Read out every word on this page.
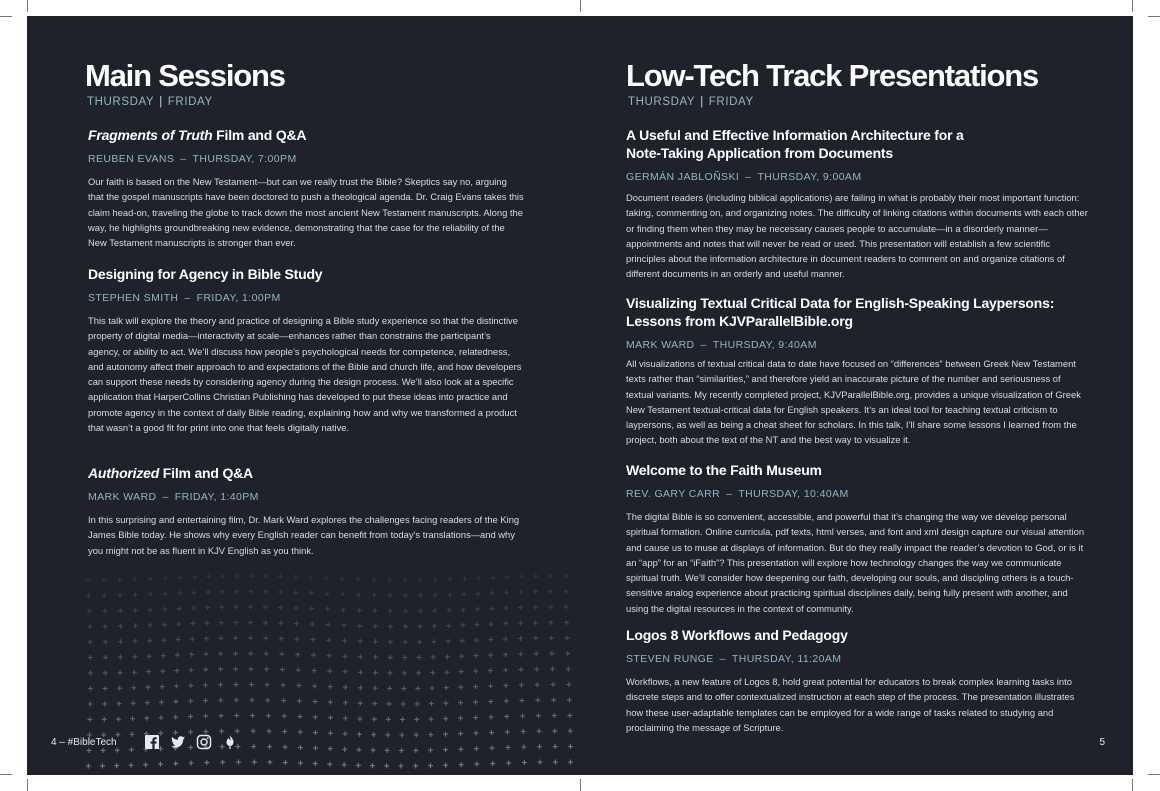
Main Sessions
THURSDAY | FRIDAY
Fragments of Truth Film and Q&A
REUBEN EVANS – THURSDAY, 7:00PM
Our faith is based on the New Testament—but can we really trust the Bible? Skeptics say no, arguing that the gospel manuscripts have been doctored to push a theological agenda. Dr. Craig Evans takes this claim head-on, traveling the globe to track down the most ancient New Testament manuscripts. Along the way, he highlights groundbreaking new evidence, demonstrating that the case for the reliability of the New Testament manuscripts is stronger than ever.
Designing for Agency in Bible Study
STEPHEN SMITH – FRIDAY, 1:00PM
This talk will explore the theory and practice of designing a Bible study experience so that the distinctive property of digital media—interactivity at scale—enhances rather than constrains the participant’s agency, or ability to act. We’ll discuss how people’s psychological needs for competence, relatedness, and autonomy affect their approach to and expectations of the Bible and church life, and how developers can support these needs by considering agency during the design process. We’ll also look at a specific application that HarperCollins Christian Publishing has developed to put these ideas into practice and promote agency in the context of daily Bible reading, explaining how and why we transformed a product that wasn’t a good fit for print into one that feels digitally native.
Authorized Film and Q&A
MARK WARD – FRIDAY, 1:40PM
In this surprising and entertaining film, Dr. Mark Ward explores the challenges facing readers of the King James Bible today. He shows why every English reader can benefit from today’s translations—and why you might not be as fluent in KJV English as you think.
4 – #BibleTech
Low-Tech Track Presentations
THURSDAY | FRIDAY
A Useful and Effective Information Architecture for a Note-Taking Application from Documents
GERMÁN JABLOÑSKI – THURSDAY, 9:00AM
Document readers (including biblical applications) are failing in what is probably their most important function: taking, commenting on, and organizing notes. The difficulty of linking citations within documents with each other or finding them when they may be necessary causes people to accumulate—in a disorderly manner—appointments and notes that will never be read or used. This presentation will establish a few scientific principles about the information architecture in document readers to comment on and organize citations of different documents in an orderly and useful manner.
Visualizing Textual Critical Data for English-Speaking Laypersons: Lessons from KJVParallelBible.org
MARK WARD – THURSDAY, 9:40AM
All visualizations of textual critical data to date have focused on “differences” between Greek New Testament texts rather than “similarities,” and therefore yield an inaccurate picture of the number and seriousness of textual variants. My recently completed project, KJVParallelBible.org, provides a unique visualization of Greek New Testament textual-critical data for English speakers. It’s an ideal tool for teaching textual criticism to laypersons, as well as being a cheat sheet for scholars. In this talk, I’ll share some lessons I learned from the project, both about the text of the NT and the best way to visualize it.
Welcome to the Faith Museum
REV. GARY CARR – THURSDAY, 10:40AM
The digital Bible is so convenient, accessible, and powerful that it’s changing the way we develop personal spiritual formation. Online curricula, pdf texts, html verses, and font and xml design capture our visual attention and cause us to muse at displays of information. But do they really impact the reader’s devotion to God, or is it an “app” for an “iFaith”? This presentation will explore how technology changes the way we communicate spiritual truth. We’ll consider how deepening our faith, developing our souls, and discipling others is a touch-sensitive analog experience about practicing spiritual disciplines daily, being fully present with another, and using the digital resources in the context of community.
Logos 8 Workflows and Pedagogy
STEVEN RUNGE – THURSDAY, 11:20AM
Workflows, a new feature of Logos 8, hold great potential for educators to break complex learning tasks into discrete steps and to offer contextualized instruction at each step of the process. The presentation illustrates how these user-adaptable templates can be employed for a wide range of tasks related to studying and proclaiming the message of Scripture.
5
